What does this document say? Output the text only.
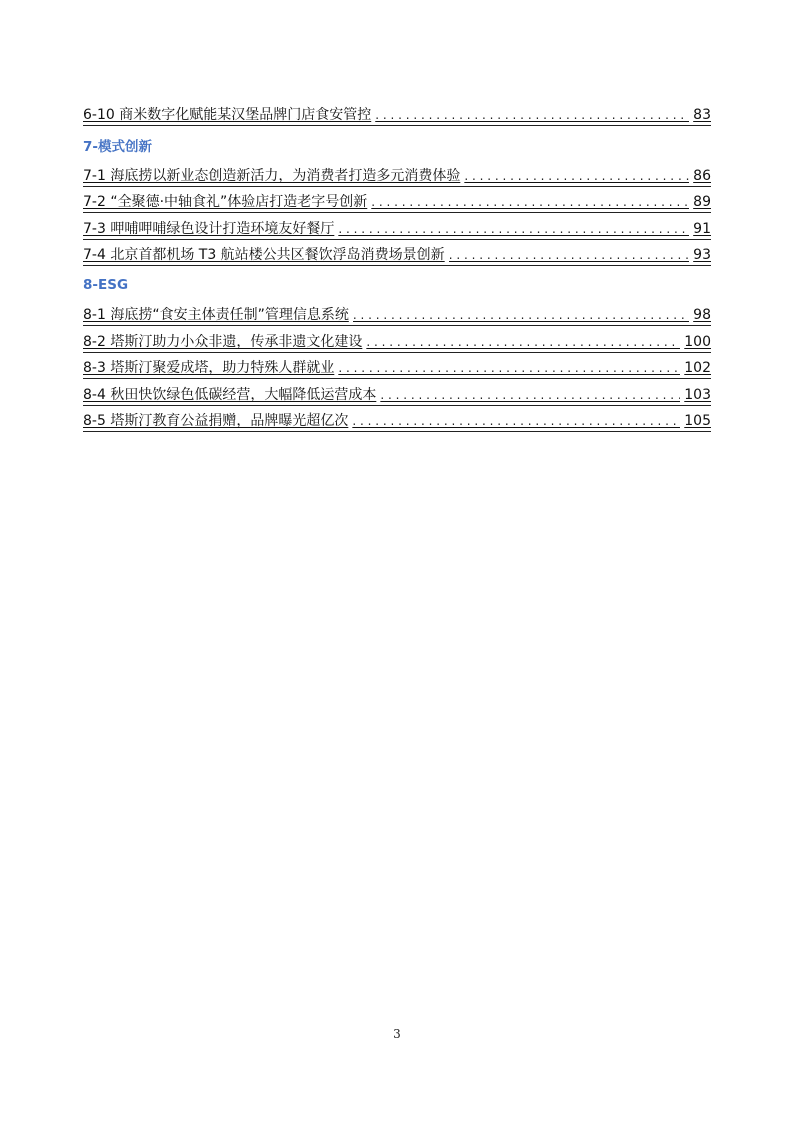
6-10 商米数字化赋能某汉堡品牌门店食安管控 . . .	83
7-模式创新
7-1 海底捞以新业态创造新活力，为消费者打造多元消费体验 . . .	86
7-2 “全聚德·中轴食礼”体验店打造老字号创新 . . .	89
7-3 呷哺呷哺绿色设计打造环境友好餐厅 . . .	91
7-4 北京首都机场 T3 航站楼公共区餐饮浮岛消费场景创新 . . .	93
8-ESG
8-1 海底捞“食安主体责任制”管理信息系统 . . .	98
8-2 塔斯汀助力小众非遗，传承非遗文化建设 . . .	100
8-3 塔斯汀聚爱成塔，助力特殊人群就业 . . .	102
8-4 秋田快饮绿色低碳经营，大幅降低运营成本 . . .	103
8-5 塔斯汀教育公益捐赠，品牌曝光超亿次 . . .	105
3
